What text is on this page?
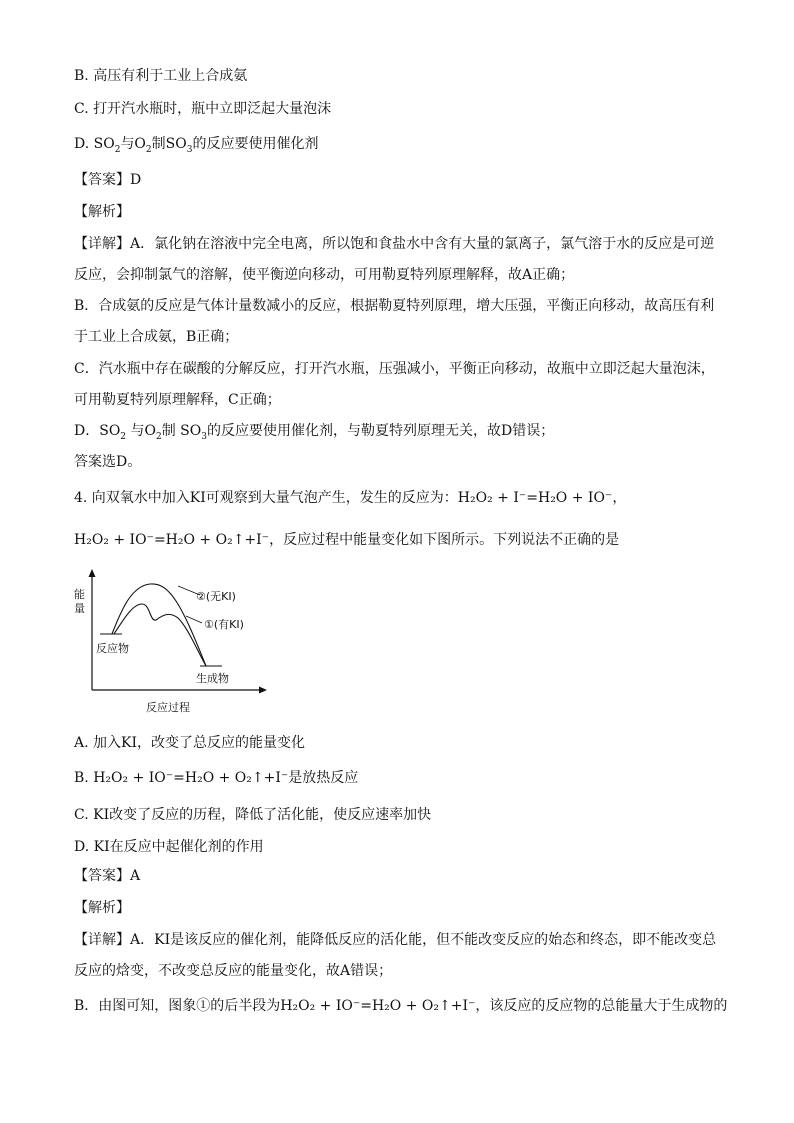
B. 高压有利于工业上合成氨
C. 打开汽水瓶时，瓶中立即泛起大量泡沫
D. $SO_2$与$O_2$制$SO_3$的反应要使用催化剂
【答案】D
【解析】
【详解】A．氯化钠在溶液中完全电离，所以饱和食盐水中含有大量的氯离子，氯气溶于水的反应是可逆
反应，会抑制氯气的溶解，使平衡逆向移动，可用勒夏特列原理解释，故A正确；
B．合成氨的反应是气体计量数减小的反应，根据勒夏特列原理，增大压强，平衡正向移动，故高压有利
于工业上合成氨，B正确；
C．汽水瓶中存在碳酸的分解反应，打开汽水瓶，压强减小，平衡正向移动，故瓶中立即泛起大量泡沫，
可用勒夏特列原理解释，C正确；
D．$SO_2$ 与$O_2$制 $SO_3$的反应要使用催化剂，与勒夏特列原理无关，故D错误；
答案选D。
4. 向双氧水中加入KI可观察到大量气泡产生，发生的反应为：H₂O₂ + I⁻=H₂O + IO⁻，
H₂O₂ + IO⁻=H₂O + O₂↑+I⁻，反应过程中能量变化如下图所示。下列说法不正确的是
能
量
反应物
生成物
②(无KI)
①(有KI)
反应过程
A. 加入KI，改变了总反应的能量变化
B. H₂O₂ + IO⁻=H₂O + O₂↑+I⁻是放热反应
C. KI改变了反应的历程，降低了活化能，使反应速率加快
D. KI在反应中起催化剂的作用
【答案】A
【解析】
【详解】A．KI是该反应的催化剂，能降低反应的活化能，但不能改变反应的始态和终态，即不能改变总
反应的焓变，不改变总反应的能量变化，故A错误；
B．由图可知，图象①的后半段为H₂O₂ + IO⁻=H₂O + O₂↑+I⁻，该反应的反应物的总能量大于生成物的
